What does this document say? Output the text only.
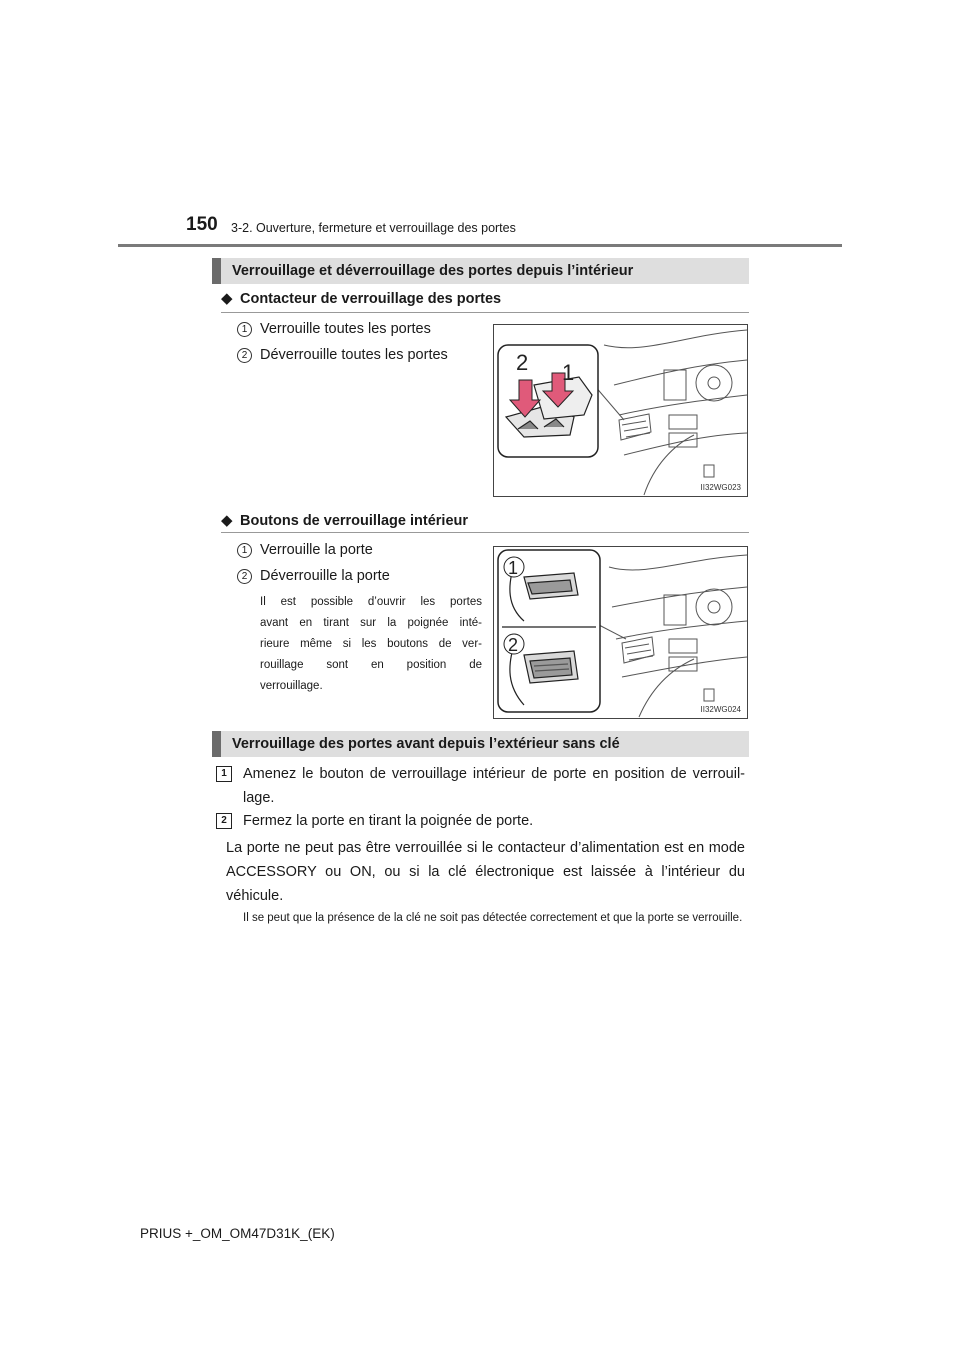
150 3-2. Ouverture, fermeture et verrouillage des portes
Verrouillage et déverrouillage des portes depuis l’intérieur
◆ Contacteur de verrouillage des portes
1 Verrouille toutes les portes
2 Déverrouille toutes les portes	2 1
II32WG023
◆ Boutons de verrouillage intérieur
1 Verrouille la porte
2 Déverrouille la porte
Il est possible d’ouvrir les portes
avant en tirant sur la poignée inté-
rieure même si les boutons de ver-
rouillage sont en position de
verrouillage.
1
2
II32WG024
Verrouillage des portes avant depuis l’extérieur sans clé
1	Amenez le bouton de verrouillage intérieur de porte en position de verrouil-lage.
2	Fermez la porte en tirant la poignée de porte.
La porte ne peut pas être verrouillée si le contacteur d’alimentation est en mode ACCESSORY ou ON, ou si la clé électronique est laissée à l’intérieur du véhicule.
Il se peut que la présence de la clé ne soit pas détectée correctement et que la porte se verrouille.
PRIUS +_OM_OM47D31K_(EK)
